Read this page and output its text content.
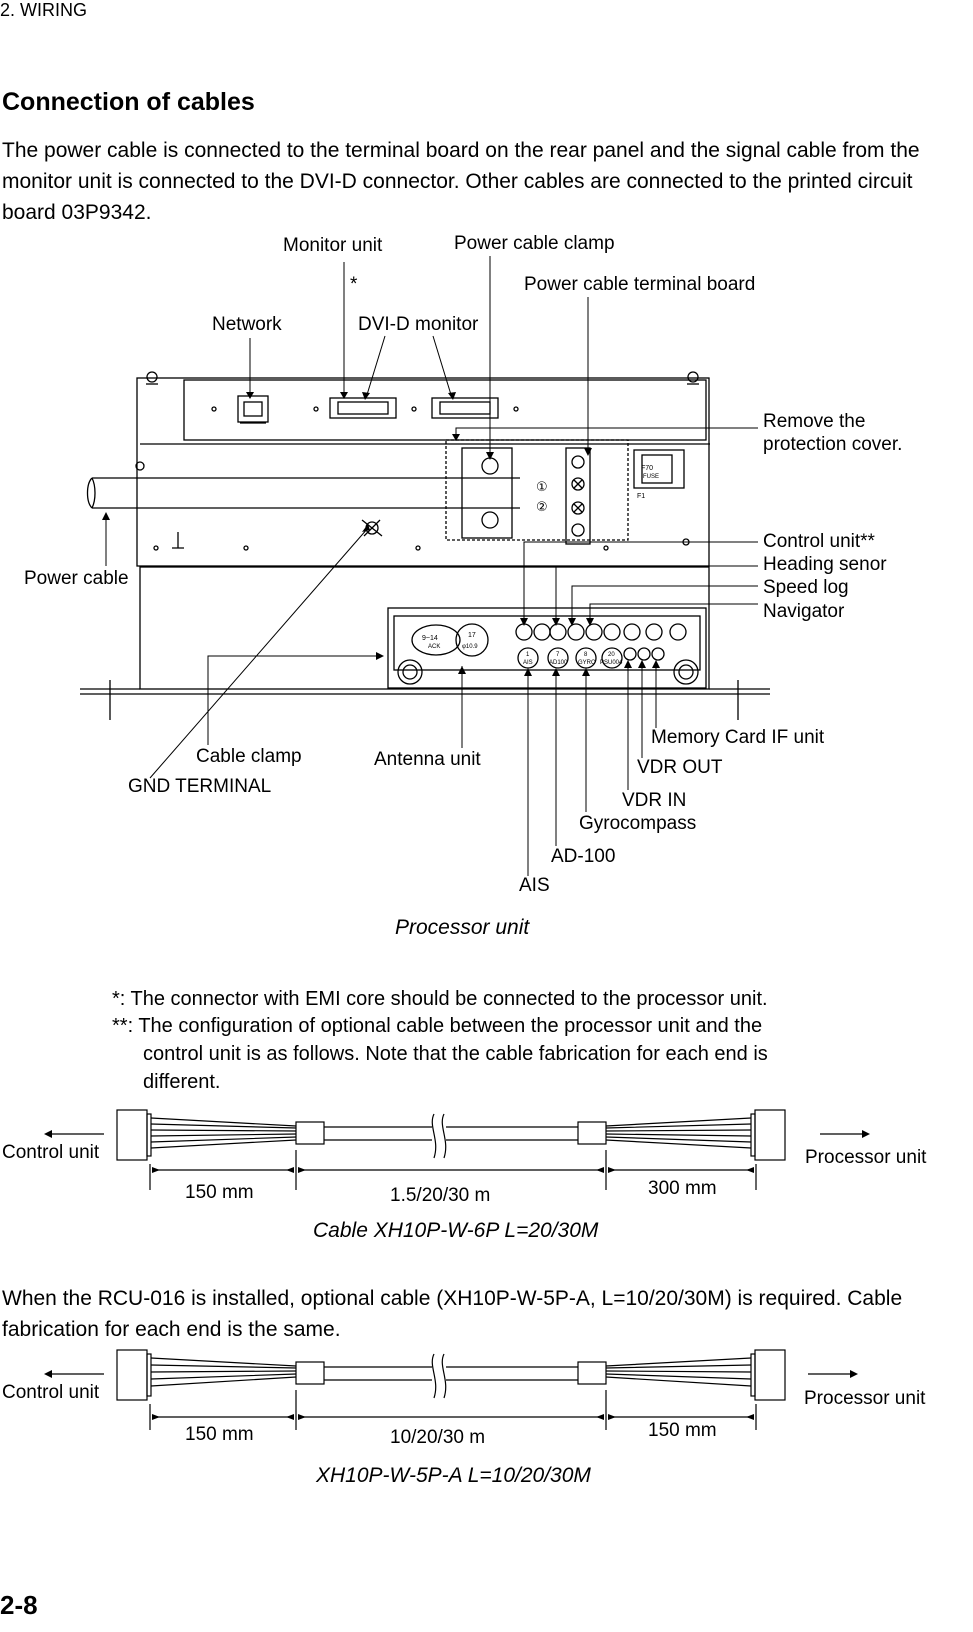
2. WIRING
Connection of cables
The power cable is connected to the terminal board on the rear panel and the signal cable from the monitor unit is connected to the DVI-D connector. Other cables are connected to the printed circuit board 03P9342.
F70
FUSE
F1
①
②
9~14
ACK
17
φ10.9
1
AIS
7
AD100
8
GYRO
20
PSU004
Monitor unit	Power cable clamp
*	Power cable terminal board
Network	DVI-D monitor
Remove the
protection cover.
Control unit**
Heading senor
Speed log
Navigator
Power cable
Memory Card IF unit
Cable clamp	Antenna unit	VDR OUT
GND TERMINAL
VDR IN
Gyrocompass
AD-100
AIS
Processor unit
*: The connector with EMI core should be connected to the processor unit.
**: The configuration of optional cable between the processor unit and the
control unit is as follows. Note that the cable fabrication for each end is
different.
Control unit	Processor unit
150 mm	1.5/20/30 m	300 mm
Cable XH10P-W-6P L=20/30M
When the RCU-016 is installed, optional cable (XH10P-W-5P-A, L=10/20/30M) is required. Cable fabrication for each end is the same.
Control unit	Processor unit
150 mm	10/20/30 m	150 mm
XH10P-W-5P-A L=10/20/30M
2-8
